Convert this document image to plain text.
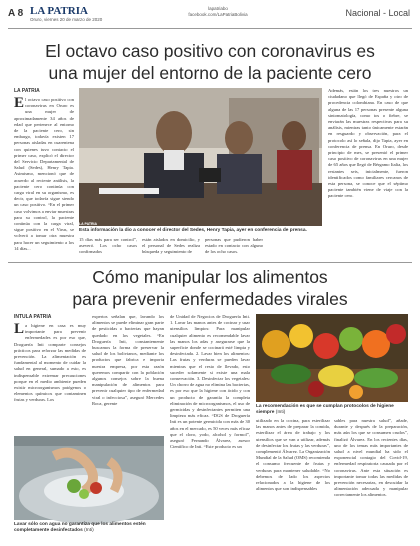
A 8 LA PATRIA
Oruro, viernes 20 de marzo de 2020
lapatriabo
facebook.com/LaPatriaBolivia	Nacional - Local
El octavo caso positivo con coronavirus es
una mujer del entorno de la paciente cero
LA PATRIA
El octavo caso positivo con coronavirus en Oruro es una mujer de aproximadamente 34 años de edad que pertenece al entorno de la paciente cero, sin embargo, todavía existen 17 personas aisladas en cuarentena con quienes tuvo contacto el primer caso, explicó el director del Servicio Departamental de Salud (Sedes), Henry Tapia. Asimismo, mencionó que de acuerdo al reciente análisis, la paciente cero continúa con carga viral en su organismo, es decir, que todavía sigue siendo un caso positivo. “En el primer caso volvimos a enviar muestras para su control, la paciente continúa con la carga viral, sigue positivo en el Virus, se volverá a tomar otra muestra para hacer un seguimiento a los 14 días...
Esta información la dio a conocer el director del Sedes, Henry Tapia, ayer en conferencia de prensa.
LA PATRIA
15 días más para ser control”, aseveró. Los ocho casos confirmados
están aislados en domicilio, y el personal de Sedes realiza búsqueda y seguimiento de
personas que pudieron haber estado en contacto con alguno de los ocho casos.
Además, están los tres nuestros un ciudadano que llegó de España y otro de procedencia colombiana. En caso de que alguna de las 17 personas presente alguna sintomatología, como tos o fiebre, se enviarán las muestras respectivas para su análisis, mientras tanto únicamente estarán en resguardo y observación, para el protocolo así lo señala, dijo Tapia, ayer en conferencia de prensa. En Oruro, desde principio de mes, se presentó el primer caso positivo de coronavirus en una mujer de 65 años que llegó de Bérgamo Italia, los restantes seis, inicialmente, fueron identificados como familiares cercanos de esta persona, se conoce que el séptimo paciente también viene de viaje con la paciente cero.
Cómo manipular los alimentos
para prevenir enfermedades virales
INTULA PATRIA
La higiene en casa es muy importante para prevenir enfermedades es por eso que, Droguería Inti comparte consejos prácticos para reforzar las medidas de prevención. La alimentación es fundamental al momento de cuidar la salud en general, sumado a esto, es indispensable extremar precauciones porque en el medio ambiente pueden existir microorganismos patógenos o elementos químicos que contaminen frutas y verduras. Los
expertos señalan que, lavando los alimentos se puede eliminar gran parte de pesticidas o bacterias que hayan quedado en los vegetales. “En Droguería Inti, constantemente buscamos la forma de preservar la salud de los bolivianos, mediante los productos que fabrica e importa nuestra empresa, por esta razón queremos compartir con la población algunos consejos sobre la buena manipulación de alimentos para prevenir cualquier tipo de enfermedad viral o infecciosa”, aseguró Mercedes Roca, gerente
de Unidad de Negocios de Droguería Inti. 1. Lavar las manos antes de cocinar y usar utensilios limpios: Para manipular cualquier alimento es recomendable lavar las manos los adas y asegurarse que la superficie donde se cocinará esté limpia y desinfectada. 2. Lavar bien los alimentos: Las frutas y verduras se pueden lavar mientras que el resto de llevado, esto suceder solamente si existe una mala conservación. 3. Desinfectar los vegetales: Un chorro de agua no elimina las bacterias, es por eso que la higiene con ácido y con un producto de garantía la completa eliminación de microorganismos, el uso de germicidas y desinfectantes permiten una limpieza más eficaz. “DGS de Droguería Inti es un potente germicida con más de 30 años en el mercado, es 50 veces más eficaz que el cloro, yodo, alcohol y formol”, aseguró Fernando Álvarez, asesor Científico de Inti. “Este producto es un
Lavar sólo con agua no garantiza que los alimentos estén completamente desinfectados (Inti)
La recomendación es que se cumplan protocolos de higiene siempre (Inti)
utilizado en la cocina, para esterilizar las manos antes de preparar la comida, esterilizar el área de trabajo y los utensilios que se van a utilizar, además de desinfectar los frutas y las verduras”, complementó Álvarez. La Organización Mundial de la Salud (OMS) recomienda el consumo frecuente de frutas y verduras para mantener saludable. “No debemos de lado los aspectos relacionados a la higiene de los alimentos que son indispensables
sables para nuestra salud”, añade, durante y después de la preparación, más aún los que se consumen crudos”, finalizó Álvarez. En los recientes días, uno de los temas más importantes de salud a nivel mundial ha sido el exponencial contagio del Covid-19, enfermedad respiratoria causada por el coronavirus. Ante esta situación es importante tomar todas las medidas de prevención necesarias, en descuidar la alimentación adecuada y manipular correctamente los alimentos.
